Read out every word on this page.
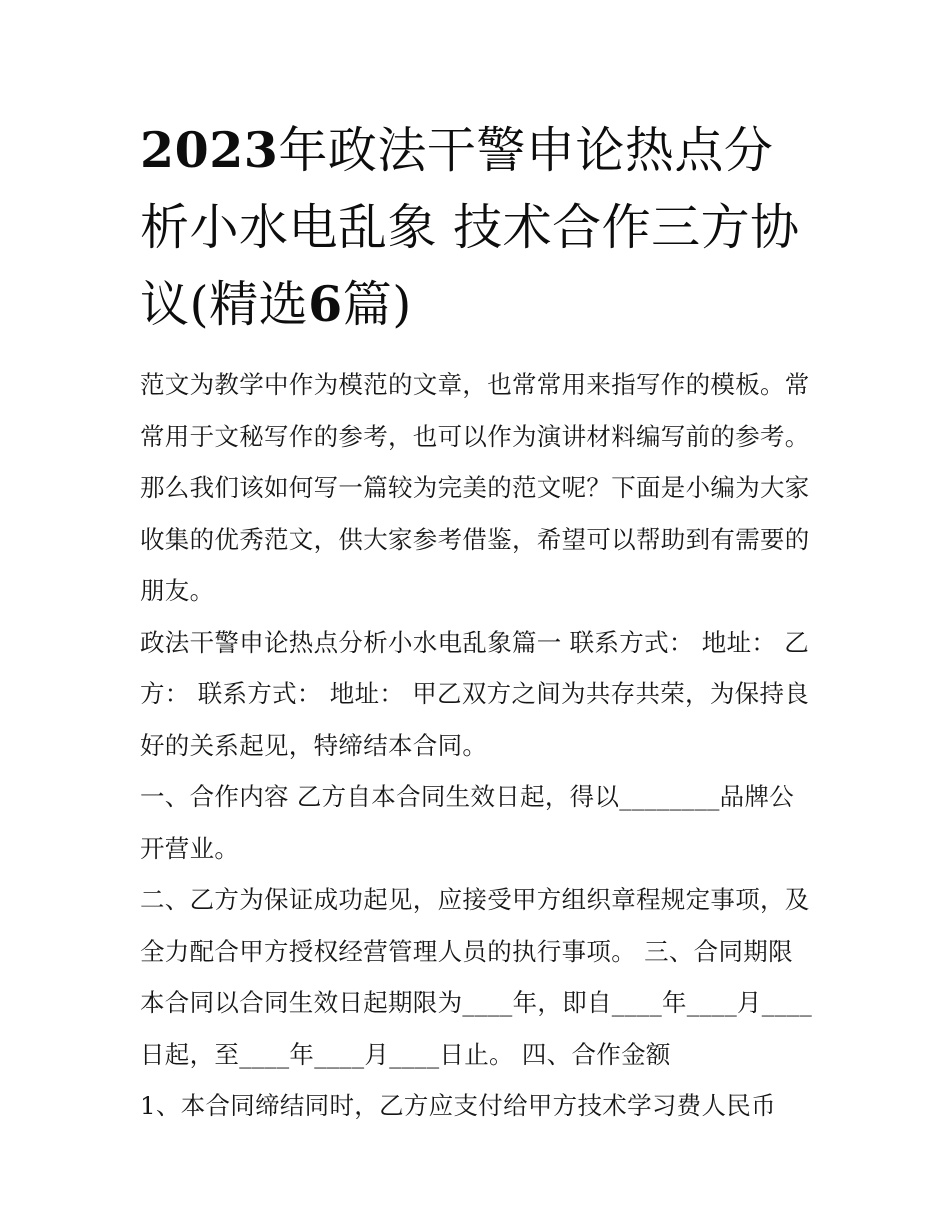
2023年政法干警申论热点分析小水电乱象 技术合作三方协议(精选6篇)

范文为教学中作为模范的文章，也常常用来指写作的模板。常常用于文秘写作的参考，也可以作为演讲材料编写前的参考。那么我们该如何写一篇较为完美的范文呢？下面是小编为大家收集的优秀范文，供大家参考借鉴，希望可以帮助到有需要的朋友。

政法干警申论热点分析小水电乱象篇一 联系方式： 地址： 乙方： 联系方式： 地址： 甲乙双方之间为共存共荣，为保持良好的关系起见，特缔结本合同。

一、合作内容 乙方自本合同生效日起，得以________品牌公开营业。

二、乙方为保证成功起见，应接受甲方组织章程规定事项，及全力配合甲方授权经营管理人员的执行事项。 三、合同期限 本合同以合同生效日起期限为____年，即自____年____月____日起，至____年____月____日止。 四、合作金额

1、本合同缔结同时，乙方应支付给甲方技术学习费人民币
